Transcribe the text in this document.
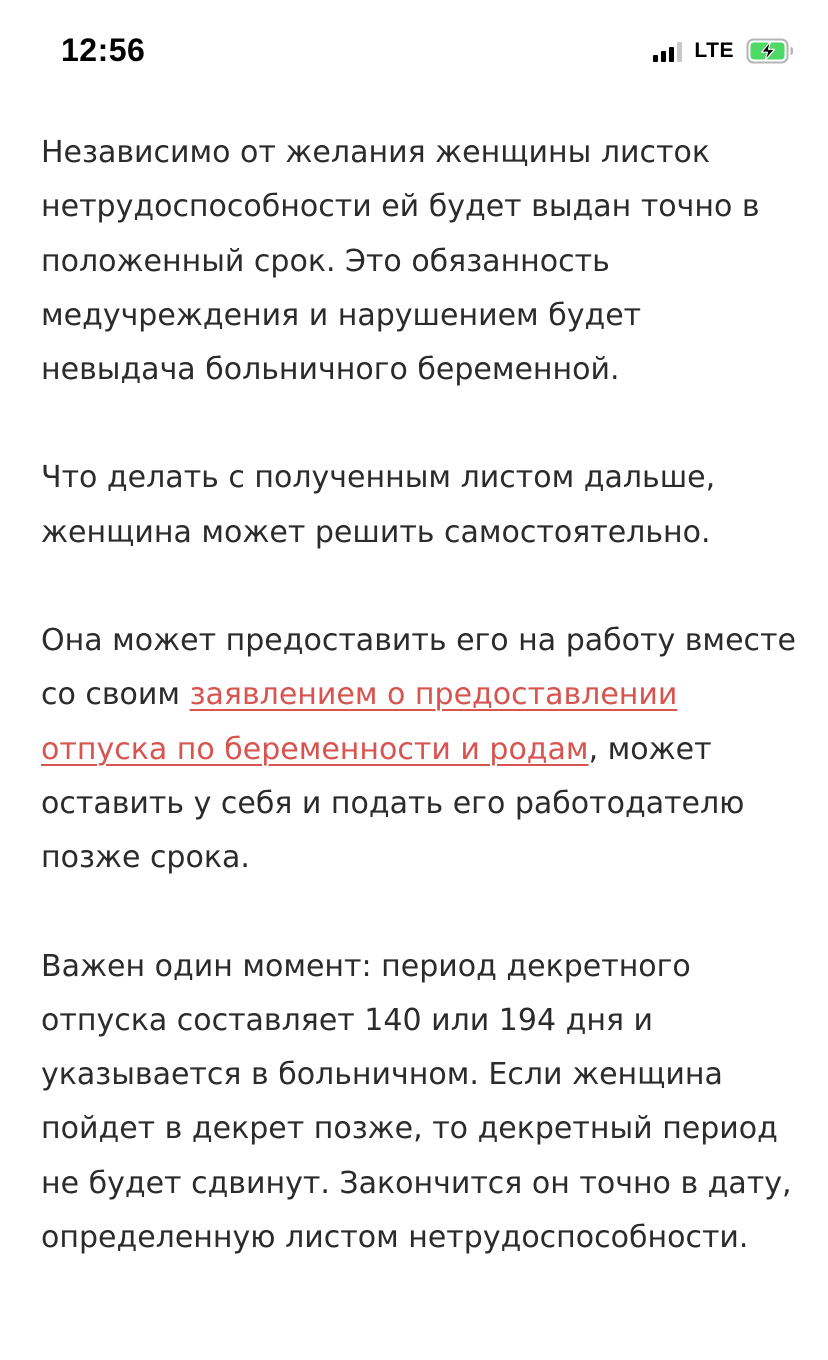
12:56	LTE

Независимо от желания женщины листок нетрудоспособности ей будет выдан точно в положенный срок. Это обязанность медучреждения и нарушением будет невыдача больничного беременной.

Что делать с полученным листом дальше, женщина может решить самостоятельно.

Она может предоставить его на работу вместе со своим заявлением о предоставлении отпуска по беременности и родам, может оставить у себя и подать его работодателю позже срока.

Важен один момент: период декретного отпуска составляет 140 или 194 дня и указывается в больничном. Если женщина пойдет в декрет позже, то декретный период не будет сдвинут. Закончится он точно в дату, определенную листом нетрудоспособности.
